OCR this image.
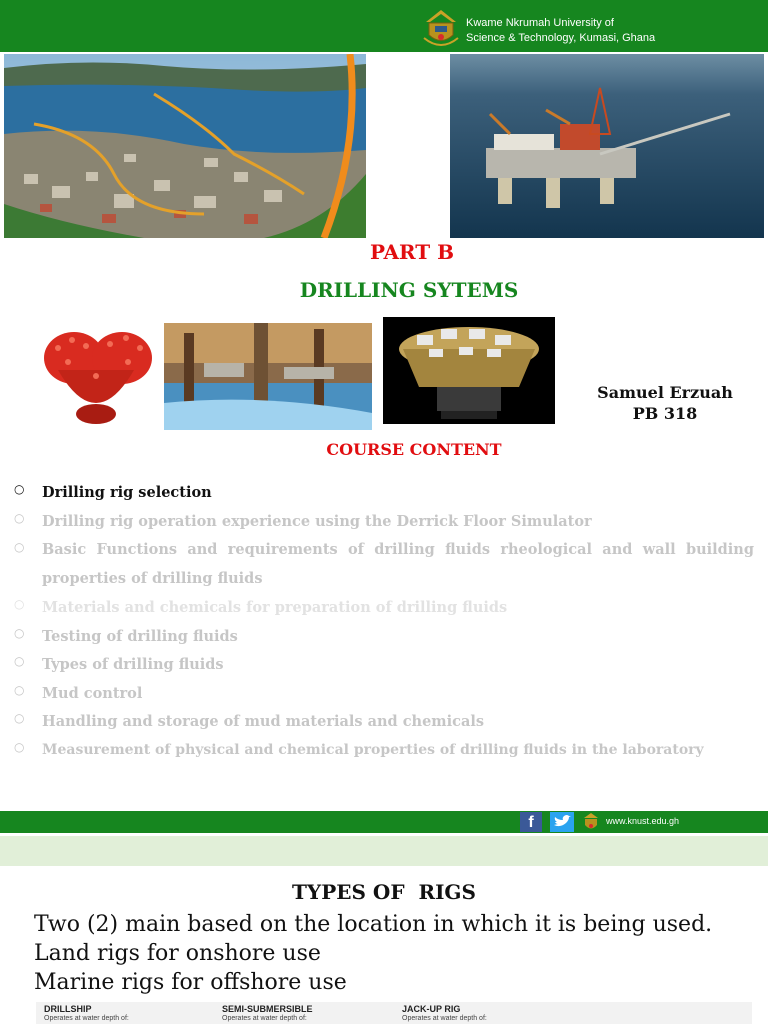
Kwame Nkrumah University of
Science & Technology, Kumasi, Ghana
PART B
DRILLING SYTEMS
Samuel Erzuah
PB 318
COURSE CONTENT
○ Drilling rig selection
○ Drilling rig operation experience using the Derrick Floor Simulator
○ Basic Functions and requirements of drilling fluids rheological and wall building properties of drilling fluids
○ Materials and chemicals for preparation of drilling fluids
○ Testing of drilling fluids
○ Types of drilling fluids
○ Mud control
○ Handling and storage of mud materials and chemicals
○ Measurement of physical and chemical properties of drilling fluids in the laboratory
f	www.knust.edu.gh
TYPES OF  RIGS
Two (2) main based on the location in which it is being used.
Land rigs for onshore use
Marine rigs for offshore use
DRILLSHIP
Operates at water depth of:
SEMI-SUBMERSIBLE
Operates at water depth of:
JACK-UP RIG
Operates at water depth of:
